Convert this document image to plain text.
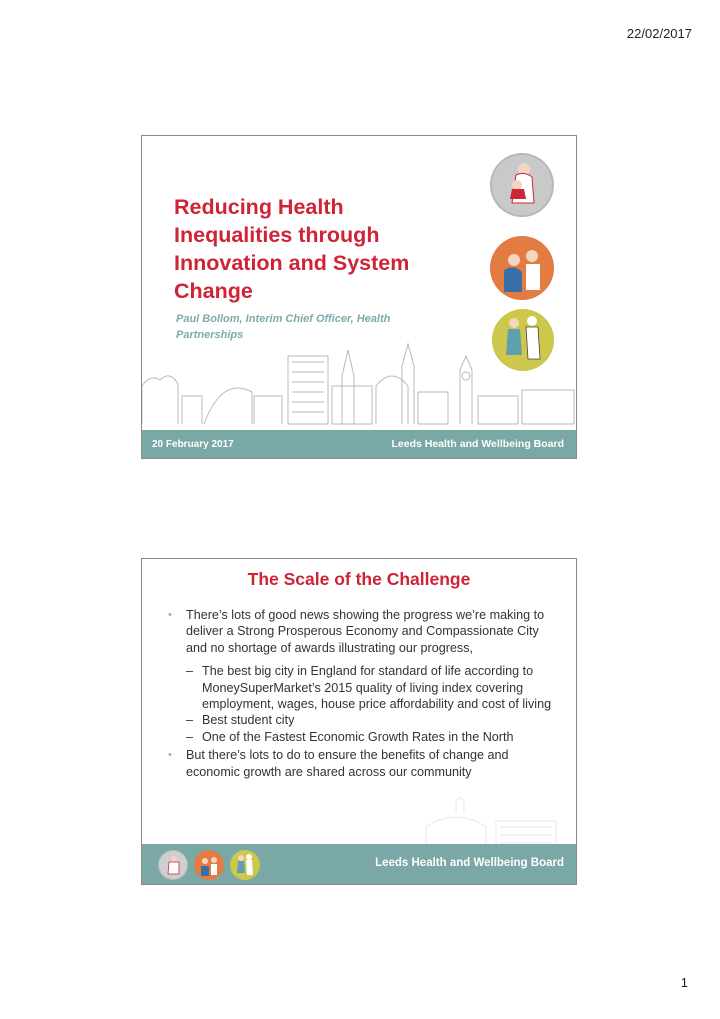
22/02/2017
Reducing Health
Inequalities through
Innovation and System
Change

Paul Bollom, Interim Chief Officer, Health Partnerships

20 February 2017	Leeds Health and Wellbeing Board
The Scale of the Challenge
• There’s lots of good news showing the progress we’re making to deliver a Strong Prosperous Economy and Compassionate City and no shortage of awards illustrating our progress,
– The best big city in England for standard of life according to MoneySuperMarket’s 2015 quality of living index covering employment, wages, house price affordability and cost of living
– Best student city
– One of the Fastest Economic Growth Rates in the North
• But there’s lots to do to ensure the benefits of change and economic growth are shared across our community
Leeds Health and Wellbeing Board
1
